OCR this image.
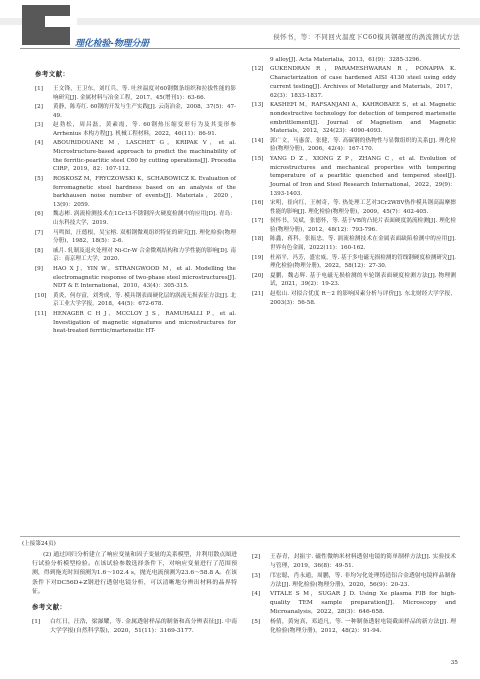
理化检验-物理分册
侯怀书，等：不同回火温度下C60模具钢硬度的涡流测试方法
参考文献：
[1] 王文锋，王卫东，刘红兵，等. 吐丝温度对60钢微条组织和拉拔性能的影响研究[J]. 金属材料与冶金工程，2017，45(增刊1)：63-66.
[2] 黄静，陈寿红. 60钢的开发与生产实践[J]. 云南冶金，2008，37(5)：47-49.
[3] 赵勃松，周昌磊，黄素霞，等. 60钢热压缩变形行为及其变形参 Arrhenius 本构方程[J]. 机械工程材料，2022，46(11)：86-91.
[4] ABOURIDOUANE M，LASCHET G，KRIPAK V，et al. Microstructure-based approach to predict the machinability of the ferritic-pearlitic steel C60 by cutting operations[J]. Procedia CIRP，2019，82：107-112.
[5] ROSKOSZ M，FRYCZOWSKI K，SCHABOWICZ K. Evaluation of ferromagnetic steel hardness based on an analysis of the barkhausen noise number of events[J]. Materials，2020，13(9)：2059.
[6] 魏志彬. 涡流检测技术在1Cr13不锈钢淬火硬度检测中的应用[D]. 青岛：山东科技大学，2019.
[7] 马鸣图，汪德根，吴宝榕. 双相钢微观组织特征的研究[J]. 理化检验(物理分册)，1982，18(5)：2-6.
[8] 戚月. 轧制及退火处理对 Ni-Cr-W 合金微观结构和力学性能的影响[D]. 南京：南京理工大学，2020.
[9] HAO X J，YIN W，STRANGWOOD M，et al. Modelling the electromagnetic response of two-phase steel microstructures[J]. NDT & E International，2010，43(4)：305-315.
[10] 黄炎，何存富，刘秀成，等. 模具钢表面硬化层的涡流无损表征方法[J]. 北京工业大学学报，2018，44(5)：672-678.
[11] HENAGER C H J，MCCLOY J S，RAMUHALLI P，et al. Investigation of magnetic signatures and microstructures for heat-treated ferritic/martensitic HT-
9 alloy[J]. Acta Materialia，2013，61(9)：3285-3296.
[12] GUKENDRAN R，PARAMESHWARAN R，PONAPPA K. Characterization of case hardened AISI 4130 steel using eddy current testing[J]. Archives of Metallurgy and Materials，2017，62(3)：1833-1837.
[13] KASHEFI M，RAFSANJANI A，KAHROBAEE S，et al. Magnetic nondestructive technology for detection of tempered martensite embrittlement[J]. Journal of Magnetism and Magnetic Materials，2012，324(23)：4090-4093.
[14] 郭广文，马惠蕾，张健，等. 高碳钢的热物性与显微组织的关系[J]. 理化检验(物理分册)，2006，42(4)：167-170.
[15] YANG D Z，XIONG Z P，ZHANG C，et al. Evolution of microstructures and mechanical properties with tempering temperature of a pearlitic quenched and tempered steel[J]. Journal of Iron and Steel Research International，2022，29(9)：1393-1403.
[16] 宋明，崔向红，王树奇，等. 热处理工艺对3Cr2W8V热作模具钢高温摩擦性能的影响[J]. 理化检验(物理分册)，2009，45(7)：402-405.
[17] 侯怀书，吴斌，张德怀，等. 基于VB的凸轮片表面硬度涡流检测[J]. 理化检验(物理分册)，2012，48(12)：793-796.
[18] 陈鑫，蒋科，张振忠，等. 涡流检测技术在金属表面缺陷检测中的应用[J]. 世界有色金属，2022(11)：160-162.
[19] 杜裕平，冯芳，盛宏威，等. 基于多电磁无损检测的管线钢硬度检测研究[J]. 理化检验(物理分册)，2022，58(12)：27-30.
[20] 夏鹏，魏志辉. 基于电磁无损检测的车轮钢表面硬度检测方法[J]. 物理测试，2021，39(2)：19-23.
[21] 赵松山. 对拟合优度 R－2 的影响因素分析与评价[J]. 东北财经大学学报，2003(3)：56-58.
(上接第24页)

(2) 通过回归分析建立了响应变量和因子变量的关系模型，并利用散点图进行试验分析模型检验。在该试验参数选择条件下，对响应变量进行了范围预测，得到拖光时间预测为1.6～102.4 s，抛光电流预测为23.6～58.8 A。在该条件下对DC56D+Z钢进行透射电镜分析，可以清晰地分辨出材料的晶界特征。

参考文献：
[1] 白红日，汪浩，梁瀑耀，等. 金属透射样品的制备和高分辨表征[J]. 中南大学学报(自然科学版)，2020，51(11)：3169-3177.
[2] 王春青，封振宇. 磁性微纳米材料透射电镜的简单制样方法[J]. 实验技术与管理，2019，36(8)：49-51.
[3] 邝宏聪，肖永通，周鹏，等. 非均匀化处理铸造铝合金透射电镜样品制备方法[J]. 理化检验(物理分册)，2020，56(9)：20-23.
[4] VITALE S M，SUGAR J D. Using Xe plasma FIB for high-quality TEM sample preparation[J]. Microscopy and Microanalysis，2022，28(3)：646-658.
[5] 杨倩，黄宛真，邓道凡，等. 一种制备透射电镜截面样品的新方法[J]. 理化检验(物理分册)，2012，48(2)：91-94.
35
